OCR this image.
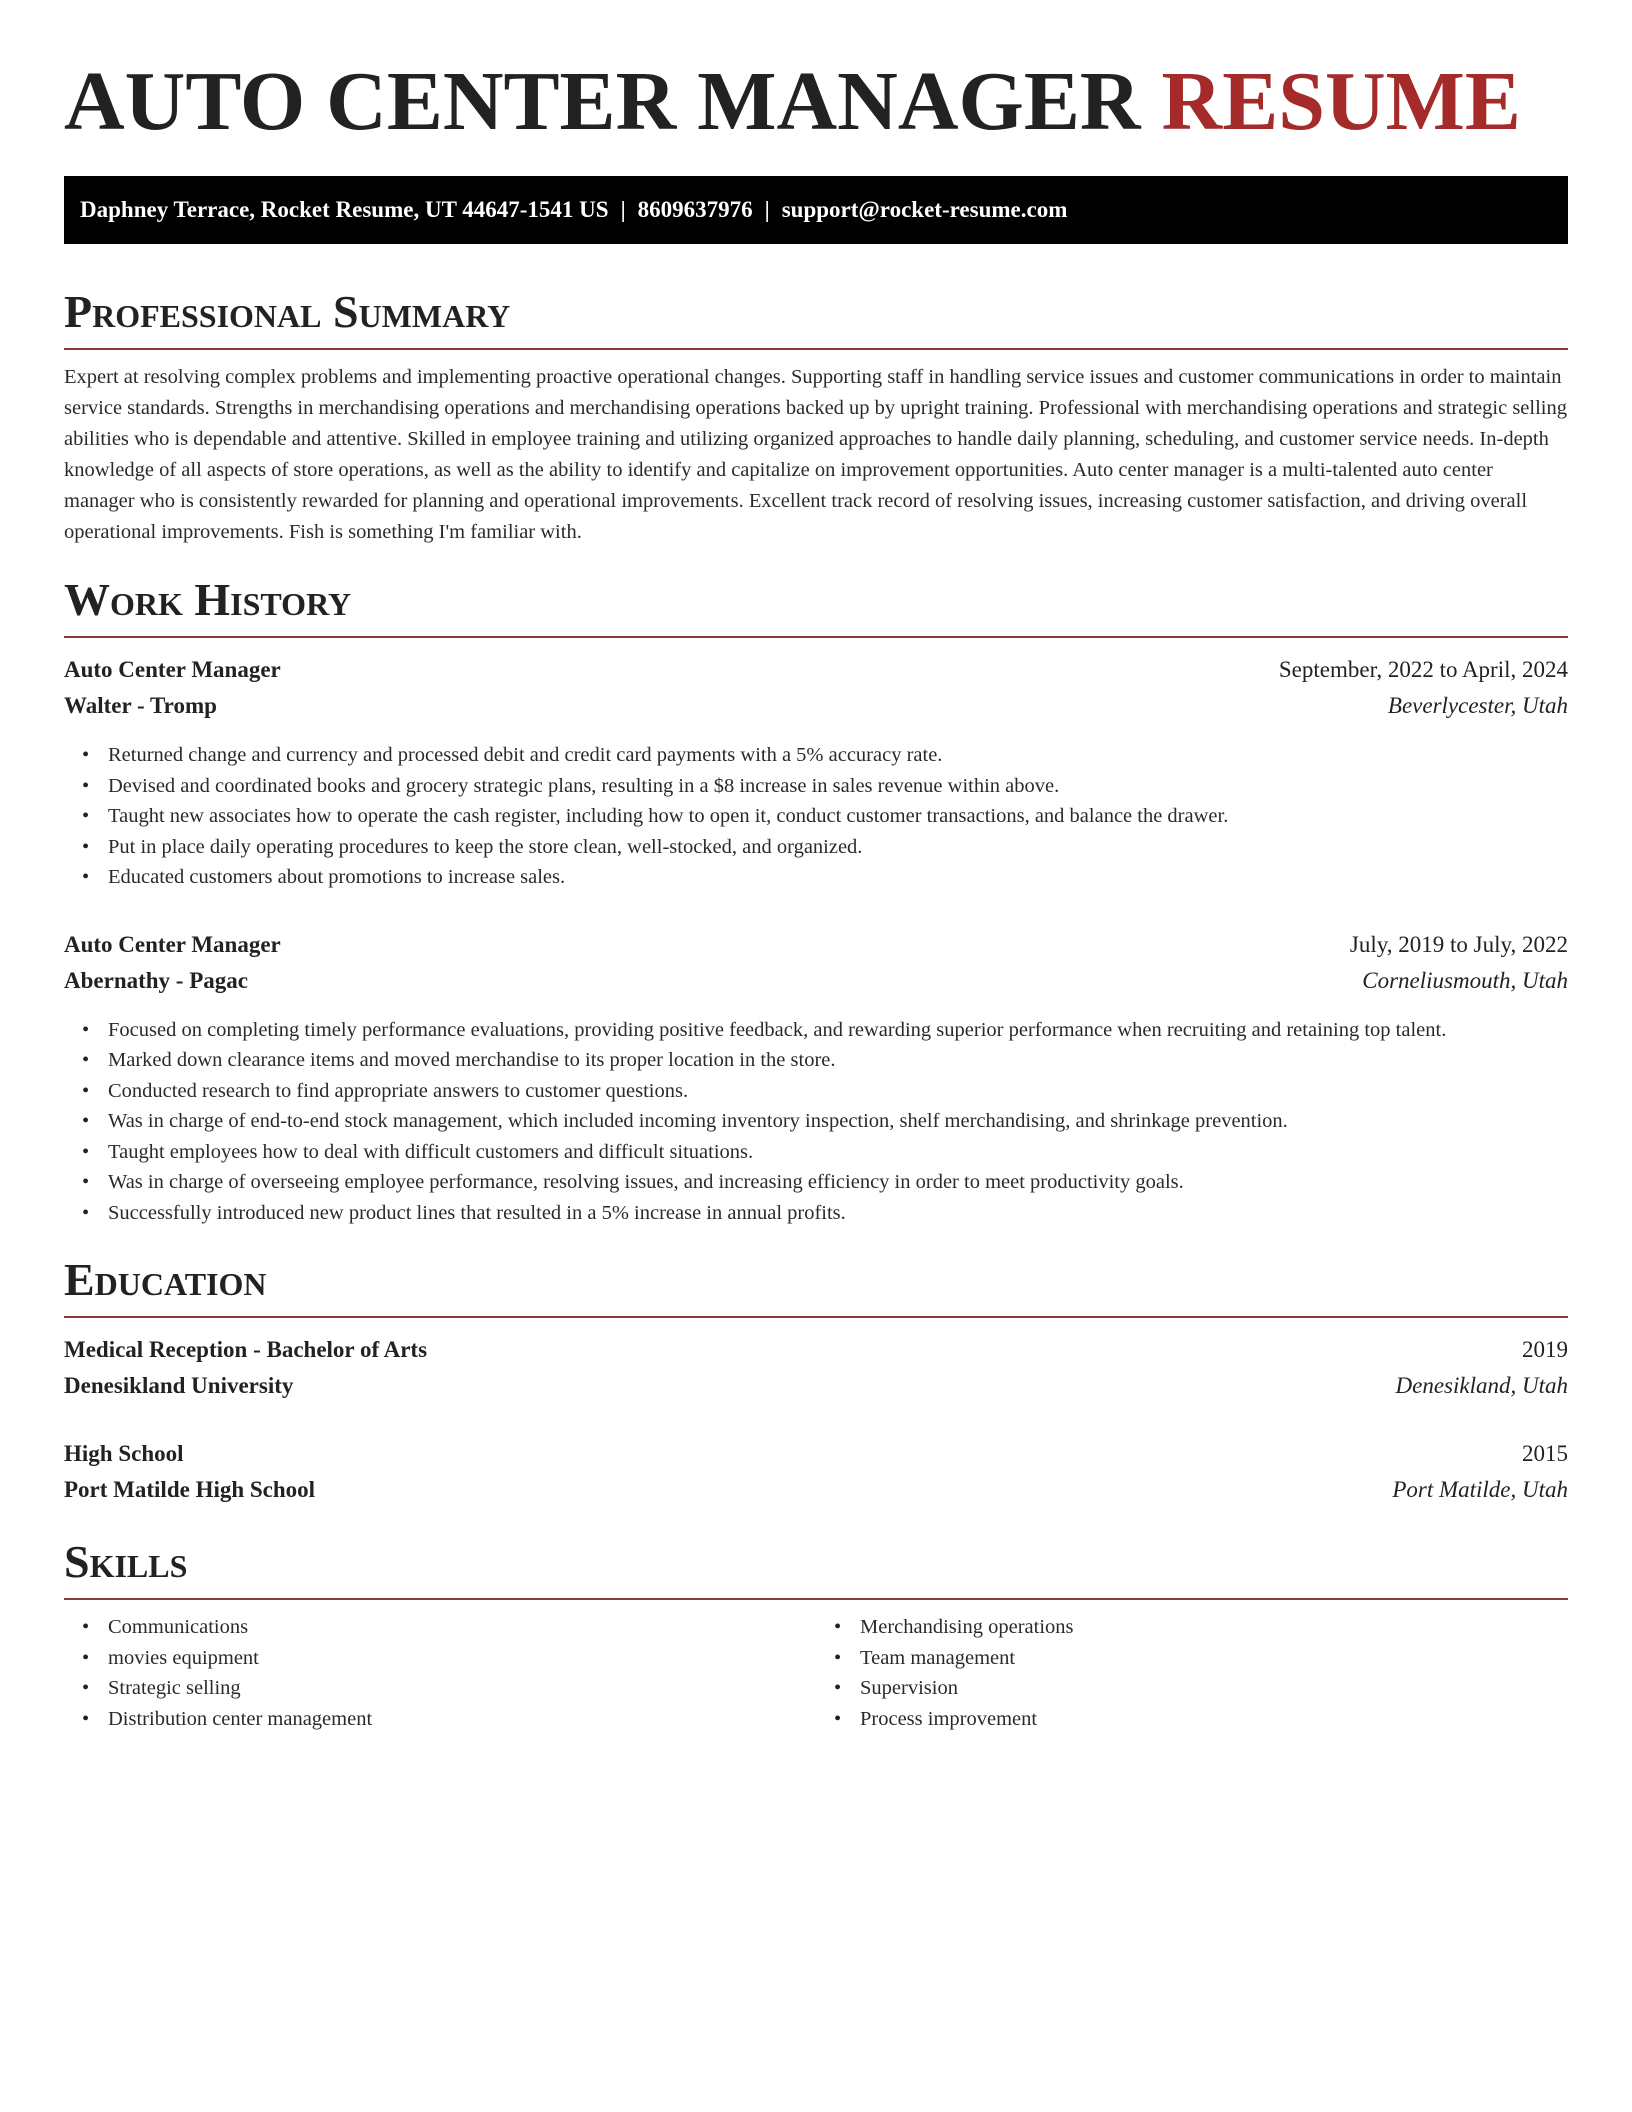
AUTO CENTER MANAGER RESUME
Daphney Terrace, Rocket Resume, UT 44647-1541 US | 8609637976 | support@rocket-resume.com
Professional Summary

Expert at resolving complex problems and implementing proactive operational changes. Supporting staff in handling service issues and customer communications in order to maintain service standards. Strengths in merchandising operations and merchandising operations backed up by upright training. Professional with merchandising operations and strategic selling abilities who is dependable and attentive. Skilled in employee training and utilizing organized approaches to handle daily planning, scheduling, and customer service needs. In-depth knowledge of all aspects of store operations, as well as the ability to identify and capitalize on improvement opportunities. Auto center manager is a multi-talented auto center manager who is consistently rewarded for planning and operational improvements. Excellent track record of resolving issues, increasing customer satisfaction, and driving overall operational improvements. Fish is something I'm familiar with.

Work History
Auto Center Manager	September, 2022 to April, 2024
Walter - Tromp	Beverlycester, Utah
• Returned change and currency and processed debit and credit card payments with a 5% accuracy rate.
• Devised and coordinated books and grocery strategic plans, resulting in a $8 increase in sales revenue within above.
• Taught new associates how to operate the cash register, including how to open it, conduct customer transactions, and balance the drawer.
• Put in place daily operating procedures to keep the store clean, well-stocked, and organized.
• Educated customers about promotions to increase sales.
Auto Center Manager	July, 2019 to July, 2022
Abernathy - Pagac	Corneliusmouth, Utah
• Focused on completing timely performance evaluations, providing positive feedback, and rewarding superior performance when recruiting and retaining top talent.
• Marked down clearance items and moved merchandise to its proper location in the store.
• Conducted research to find appropriate answers to customer questions.
• Was in charge of end-to-end stock management, which included incoming inventory inspection, shelf merchandising, and shrinkage prevention.
• Taught employees how to deal with difficult customers and difficult situations.
• Was in charge of overseeing employee performance, resolving issues, and increasing efficiency in order to meet productivity goals.
• Successfully introduced new product lines that resulted in a 5% increase in annual profits.
Education
Medical Reception - Bachelor of Arts	2019
Denesikland University	Denesikland, Utah
High School	2015
Port Matilde High School	Port Matilde, Utah
Skills
• Communications
• movies equipment
• Strategic selling
• Distribution center management
• Merchandising operations
• Team management
• Supervision
• Process improvement
